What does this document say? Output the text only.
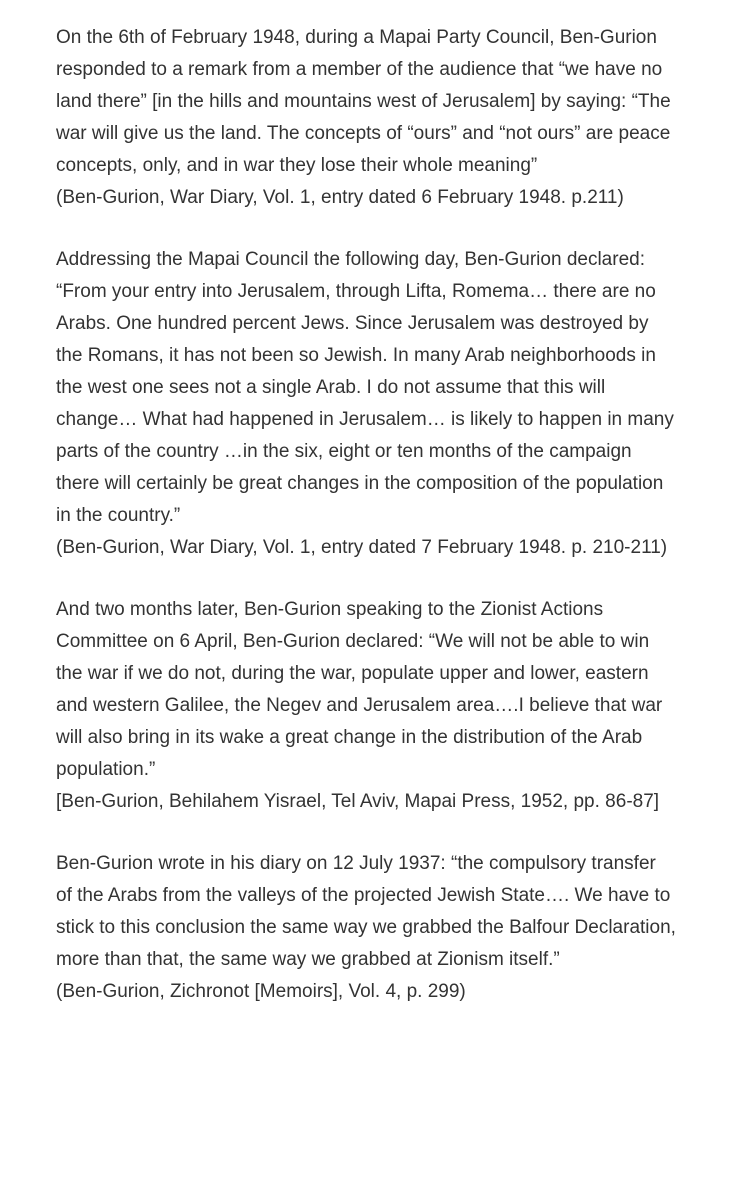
On the 6th of February 1948, during a Mapai Party Council, Ben-Gurion responded to a remark from a member of the audience that “we have no land there” [in the hills and mountains west of Jerusalem] by saying: “The war will give us the land. The concepts of “ours” and “not ours” are peace concepts, only, and in war they lose their whole meaning”

(Ben-Gurion, War Diary, Vol. 1, entry dated 6 February 1948. p.211)

Addressing the Mapai Council the following day, Ben-Gurion declared: “From your entry into Jerusalem, through Lifta, Romema… there are no Arabs. One hundred percent Jews. Since Jerusalem was destroyed by the Romans, it has not been so Jewish. In many Arab neighborhoods in the west one sees not a single Arab. I do not assume that this will change… What had happened in Jerusalem… is likely to happen in many parts of the country …in the six, eight or ten months of the campaign there will certainly be great changes in the composition of the population in the country.”

(Ben-Gurion, War Diary, Vol. 1, entry dated 7 February 1948. p. 210-211)

And two months later, Ben-Gurion speaking to the Zionist Actions Committee on 6 April, Ben-Gurion declared: “We will not be able to win the war if we do not, during the war, populate upper and lower, eastern and western Galilee, the Negev and Jerusalem area….I believe that war will also bring in its wake a great change in the distribution of the Arab population.”

[Ben-Gurion, Behilahem Yisrael, Tel Aviv, Mapai Press, 1952, pp. 86-87]

Ben-Gurion wrote in his diary on 12 July 1937: “the compulsory transfer of the Arabs from the valleys of the projected Jewish State…. We have to stick to this conclusion the same way we grabbed the Balfour Declaration, more than that, the same way we grabbed at Zionism itself.”

(Ben-Gurion, Zichronot [Memoirs], Vol. 4, p. 299)
